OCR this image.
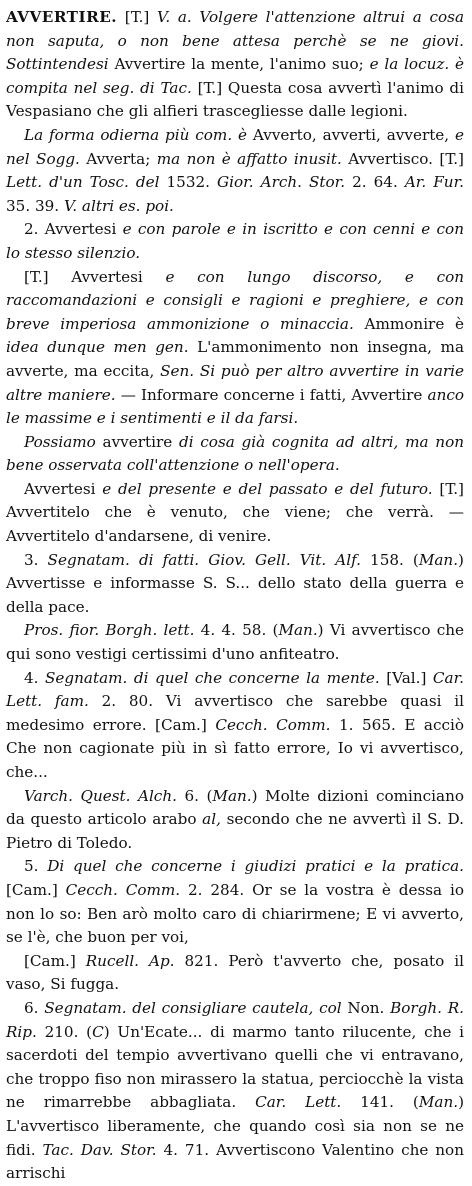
AVVERTIRE. [T.] V. a. Volgere l'attenzione altrui a cosa non saputa, o non bene attesa perchè se ne giovi. Sottintendesi Avvertire la mente, l'animo suo; e la locuz. è compita nel seg. di Tac. [T.] Questa cosa avvertì l'animo di Vespasiano che gli alfieri trascegliesse dalle legioni.

La forma odierna più com. è Avverto, avverti, avverte, e nel Sogg. Avverta; ma non è affatto inusit. Avvertisco. [T.] Lett. d'un Tosc. del 1532. Gior. Arch. Stor. 2. 64. Ar. Fur. 35. 39. V. altri es. poi.

2. Avvertesi e con parole e in iscritto e con cenni e con lo stesso silenzio.

[T.] Avvertesi e con lungo discorso, e con raccomandazioni e consigli e ragioni e preghiere, e con breve imperiosa ammonizione o minaccia. Ammonire è idea dunque men gen. L'ammonimento non insegna, ma avverte, ma eccita, Sen. Si può per altro avvertire in varie altre maniere. — Informare concerne i fatti, Avvertire anco le massime e i sentimenti e il da farsi.

Possiamo avvertire di cosa già cognita ad altri, ma non bene osservata coll'attenzione o nell'opera.

Avvertesi e del presente e del passato e del futuro. [T.] Avvertitelo che è venuto, che viene; che verrà. — Avvertitelo d'andarsene, di venire.

3. Segnatam. di fatti. Giov. Gell. Vit. Alf. 158. (Man.) Avvertisse e informasse S. S... dello stato della guerra e della pace.

Pros. fior. Borgh. lett. 4. 4. 58. (Man.) Vi avvertisco che qui sono vestigi certissimi d'uno anfiteatro.

4. Segnatam. di quel che concerne la mente. [Val.] Car. Lett. fam. 2. 80. Vi avvertisco che sarebbe quasi il medesimo errore. [Cam.] Cecch. Comm. 1. 565. E acciò Che non cagionate più in sì fatto errore, Io vi avvertisco, che...

Varch. Quest. Alch. 6. (Man.) Molte dizioni cominciano da questo articolo arabo al, secondo che ne avvertì il S. D. Pietro di Toledo.

5. Di quel che concerne i giudizi pratici e la pratica. [Cam.] Cecch. Comm. 2. 284. Or se la vostra è dessa io non lo so: Ben arò molto caro di chiarirmene; E vi avverto, se l'è, che buon per voi,

[Cam.] Rucell. Ap. 821. Però t'avverto che, posato il vaso, Si fugga.

6. Segnatam. del consigliare cautela, col Non. Borgh. R. Rip. 210. (C) Un'Ecate... di marmo tanto rilucente, che i sacerdoti del tempio avvertivano quelli che vi entravano, che troppo fiso non mirassero la statua, perciocchè la vista ne rimarrebbe abbagliata. Car. Lett. 141. (Man.) L'avvertisco liberamente, che quando così sia non se ne fidi. Tac. Dav. Stor. 4. 71. Avvertiscono Valentino che non arrischi
